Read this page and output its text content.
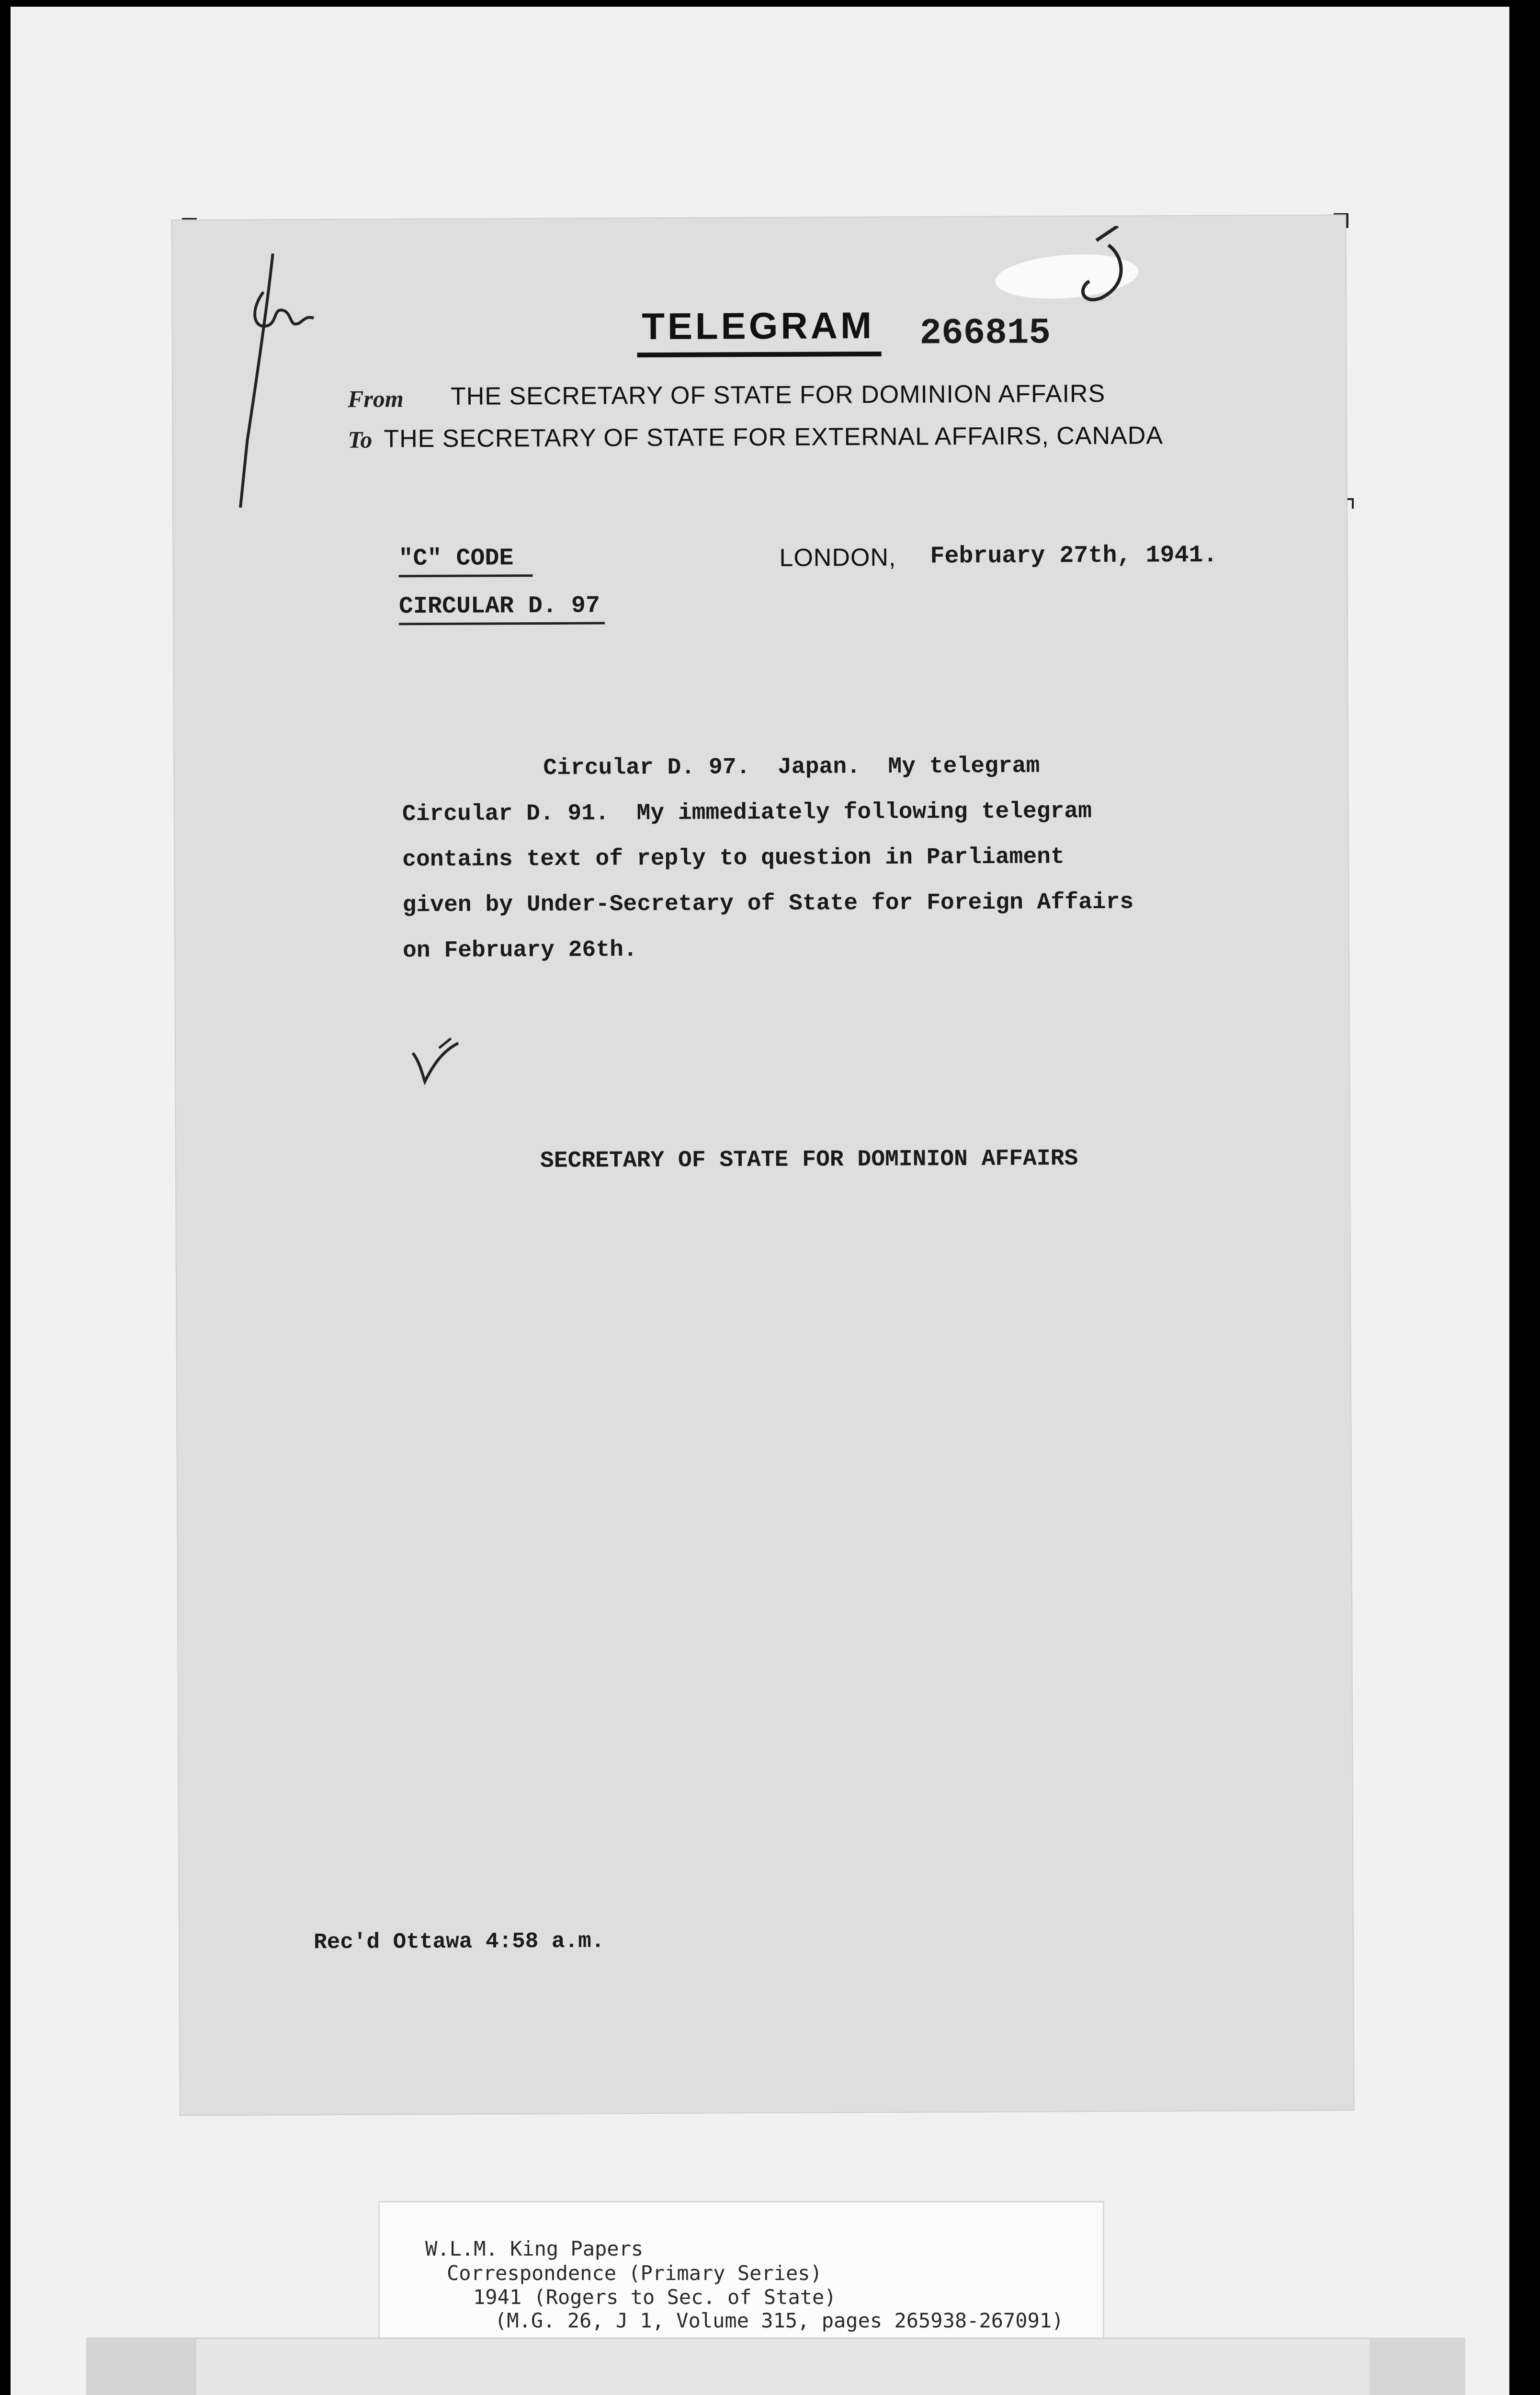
TELEGRAM 266815
From THE SECRETARY OF STATE FOR DOMINION AFFAIRS
To THE SECRETARY OF STATE FOR EXTERNAL AFFAIRS, CANADA
"C" CODE
CIRCULAR D. 97
LONDON, February 27th, 1941.
Circular D. 97.  Japan.  My telegram
Circular D. 91.  My immediately following telegram
contains text of reply to question in Parliament
given by Under-Secretary of State for Foreign Affairs
on February 26th.
SECRETARY OF STATE FOR DOMINION AFFAIRS
Rec'd Ottawa 4:58 a.m.
W.L.M. King Papers
Correspondence (Primary Series)
1941 (Rogers to Sec. of State)
(M.G. 26, J 1, Volume 315, pages 265938-267091)
